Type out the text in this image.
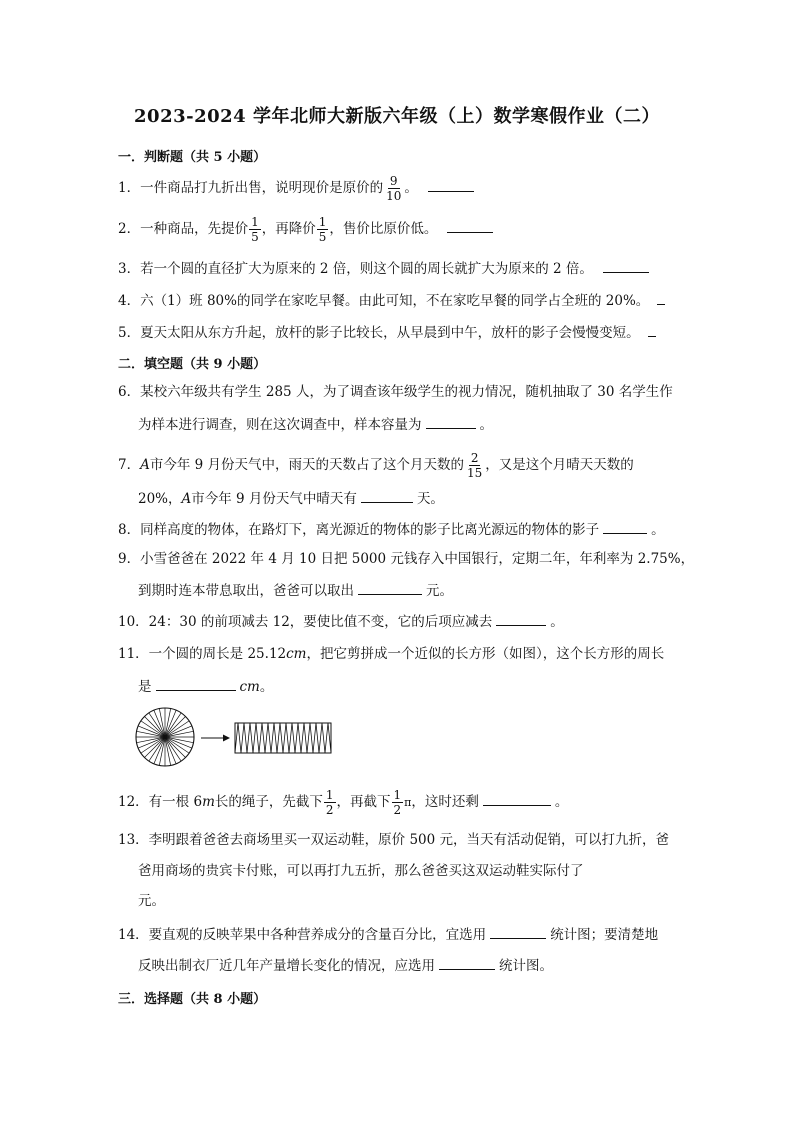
2023-2024 学年北师大新版六年级（上）数学寒假作业（二）
一．判断题（共 5 小题）
1．一件商品打九折出售，说明现价是原价的 $\frac{9}{10}$ 。
2．一种商品，先提价 $\frac{1}{5}$ ，再降价 $\frac{1}{5}$ ，售价比原价低。
3．若一个圆的直径扩大为原来的 2 倍，则这个圆的周长就扩大为原来的 2 倍。
4．六（1）班 80%的同学在家吃早餐。由此可知，不在家吃早餐的同学占全班的 20%。
5．夏天太阳从东方升起，放杆的影子比较长，从早晨到中午，放杆的影子会慢慢变短。
二．填空题（共 9 小题）
6．某校六年级共有学生 285 人，为了调查该年级学生的视力情况，随机抽取了 30 名学生作
为样本进行调查，则在这次调查中，样本容量为	。
7．A市今年 9 月份天气中，雨天的天数占了这个月天数的 $\frac{2}{15}$ ，又是这个月晴天天数的
20%，A市今年 9 月份天气中晴天有	天。
8．同样高度的物体，在路灯下，离光源近的物体的影子比离光源远的物体的影子	。
9．小雪爸爸在 2022 年 4 月 10 日把 5000 元钱存入中国银行，定期二年，年利率为 2.75%，
到期时连本带息取出，爸爸可以取出	元。
10．24：30 的前项减去 12，要使比值不变，它的后项应减去	。
11．一个圆的周长是 25.12cm，把它剪拼成一个近似的长方形（如图），这个长方形的周长
是	cm。
12．有一根 6m长的绳子，先截下 $\frac{1}{2}$ ，再截下 $\frac{1}{2}$ π，这时还剩	。
13．李明跟着爸爸去商场里买一双运动鞋，原价 500 元，当天有活动促销，可以打九折，爸
爸用商场的贵宾卡付账，可以再打九五折，那么爸爸买这双运动鞋实际付了
元。
14．要直观的反映苹果中各种营养成分的含量百分比，宜选用	统计图；要清楚地
反映出制衣厂近几年产量增长变化的情况，应选用	统计图。
三．选择题（共 8 小题）
